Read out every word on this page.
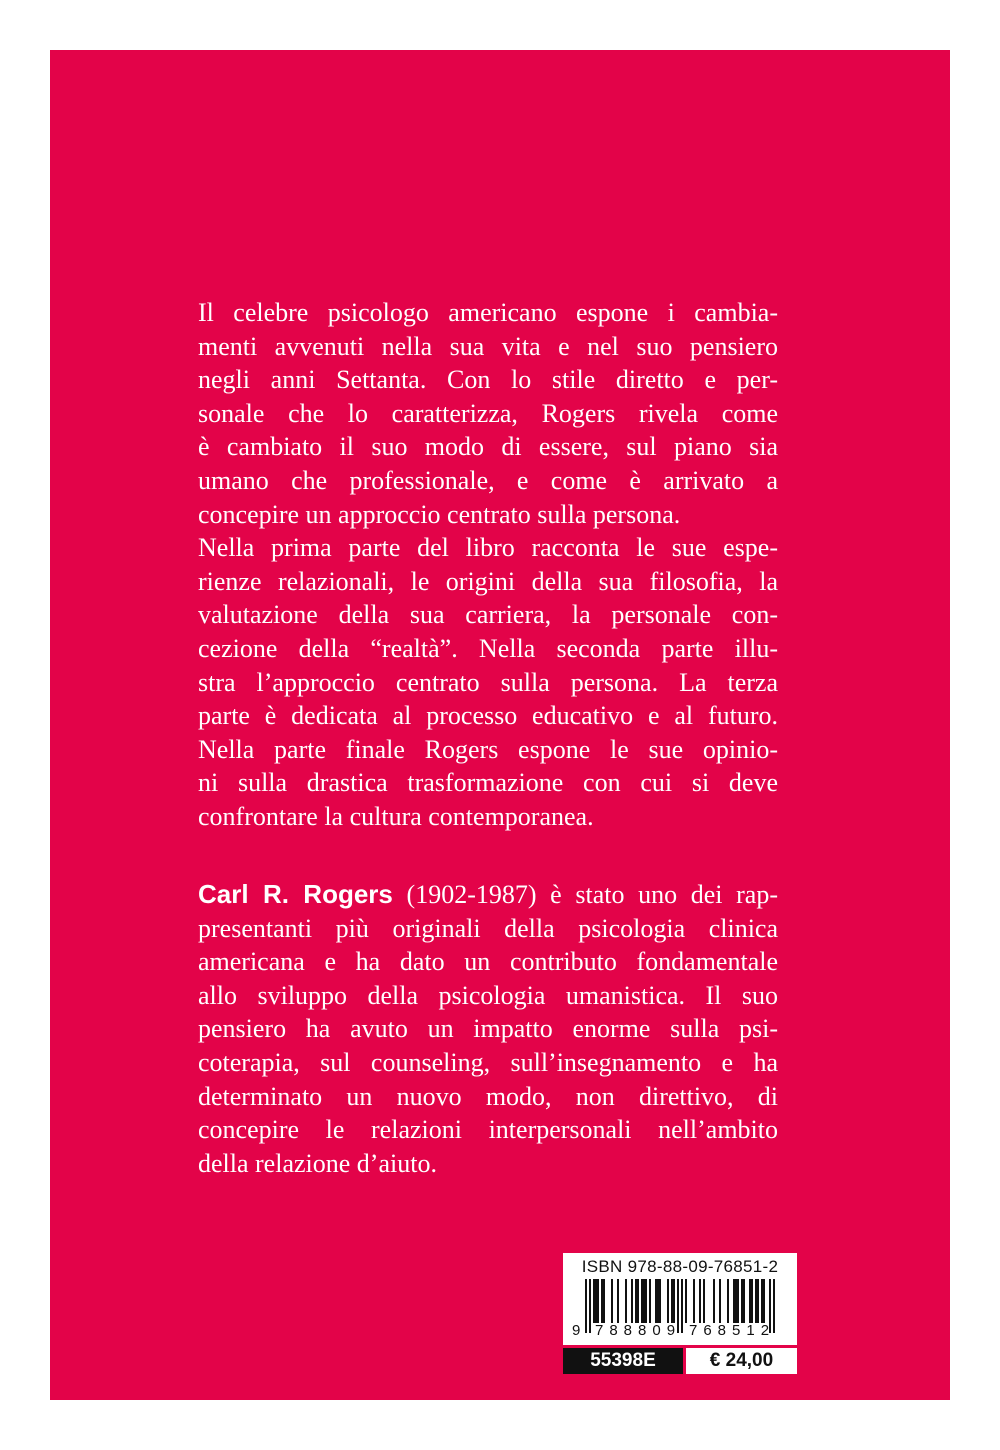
Il celebre psicologo americano espone i cambia-
menti avvenuti nella sua vita e nel suo pensiero
negli anni Settanta. Con lo stile diretto e per-
sonale che lo caratterizza, Rogers rivela come
è cambiato il suo modo di essere, sul piano sia
umano che professionale, e come è arrivato a
concepire un approccio centrato sulla persona.
Nella prima parte del libro racconta le sue espe-
rienze relazionali, le origini della sua filosofia, la
valutazione della sua carriera, la personale con-
cezione della “realtà”. Nella seconda parte illu-
stra l’approccio centrato sulla persona. La terza
parte è dedicata al processo educativo e al futuro.
Nella parte finale Rogers espone le sue opinio-
ni sulla drastica trasformazione con cui si deve
confrontare la cultura contemporanea.
Carl R. Rogers (1902-1987) è stato uno dei rap-
presentanti più originali della psicologia clinica
americana e ha dato un contributo fondamentale
allo sviluppo della psicologia umanistica. Il suo
pensiero ha avuto un impatto enorme sulla psi-
coterapia, sul counseling, sull’insegnamento e ha
determinato un nuovo modo, non direttivo, di
concepire le relazioni interpersonali nell’ambito
della relazione d’aiuto.
ISBN 978-88-09-76851-2
9 788809 768512
55398E	€ 24,00
